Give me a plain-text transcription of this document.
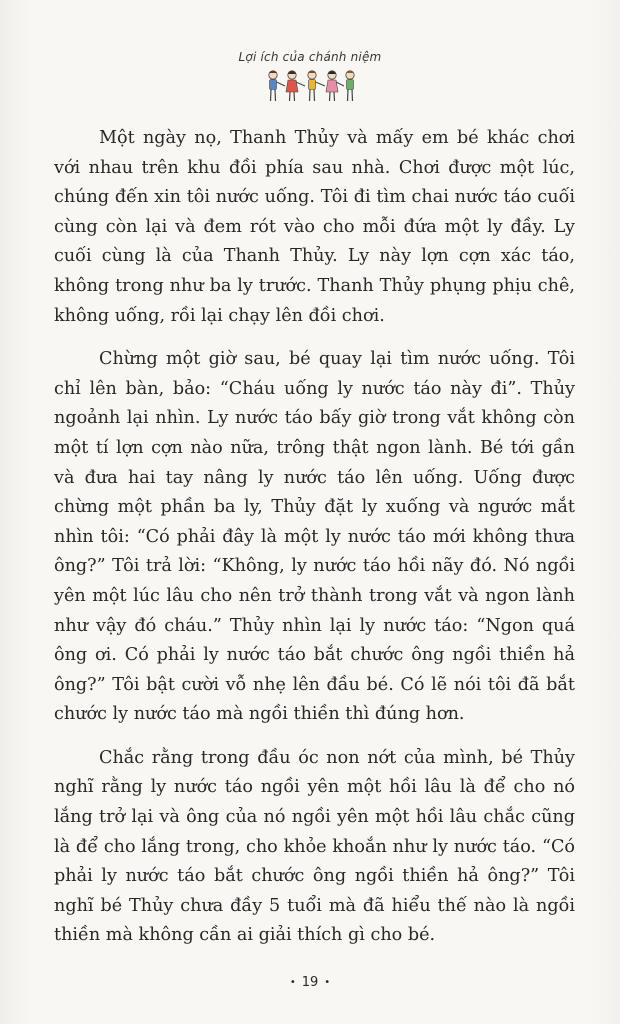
Lợi ích của chánh niệm

Một ngày nọ, Thanh Thủy và mấy em bé khác chơi với nhau trên khu đồi phía sau nhà. Chơi được một lúc, chúng đến xin tôi nước uống. Tôi đi tìm chai nước táo cuối cùng còn lại và đem rót vào cho mỗi đứa một ly đầy. Ly cuối cùng là của Thanh Thủy. Ly này lợn cợn xác táo, không trong như ba ly trước. Thanh Thủy phụng phịu chê, không uống, rồi lại chạy lên đồi chơi.

Chừng một giờ sau, bé quay lại tìm nước uống. Tôi chỉ lên bàn, bảo: “Cháu uống ly nước táo này đi”. Thủy ngoảnh lại nhìn. Ly nước táo bấy giờ trong vắt không còn một tí lợn cợn nào nữa, trông thật ngon lành. Bé tới gần và đưa hai tay nâng ly nước táo lên uống. Uống được chừng một phần ba ly, Thủy đặt ly xuống và ngước mắt nhìn tôi: “Có phải đây là một ly nước táo mới không thưa ông?” Tôi trả lời: “Không, ly nước táo hồi nãy đó. Nó ngồi yên một lúc lâu cho nên trở thành trong vắt và ngon lành như vậy đó cháu.” Thủy nhìn lại ly nước táo: “Ngon quá ông ơi. Có phải ly nước táo bắt chước ông ngồi thiền hả ông?” Tôi bật cười vỗ nhẹ lên đầu bé. Có lẽ nói tôi đã bắt chước ly nước táo mà ngồi thiền thì đúng hơn.

Chắc rằng trong đầu óc non nớt của mình, bé Thủy nghĩ rằng ly nước táo ngồi yên một hồi lâu là để cho nó lắng trở lại và ông của nó ngồi yên một hồi lâu chắc cũng là để cho lắng trong, cho khỏe khoắn như ly nước táo. “Có phải ly nước táo bắt chước ông ngồi thiền hả ông?” Tôi nghĩ bé Thủy chưa đầy 5 tuổi mà đã hiểu thế nào là ngồi thiền mà không cần ai giải thích gì cho bé.

• 19 •
